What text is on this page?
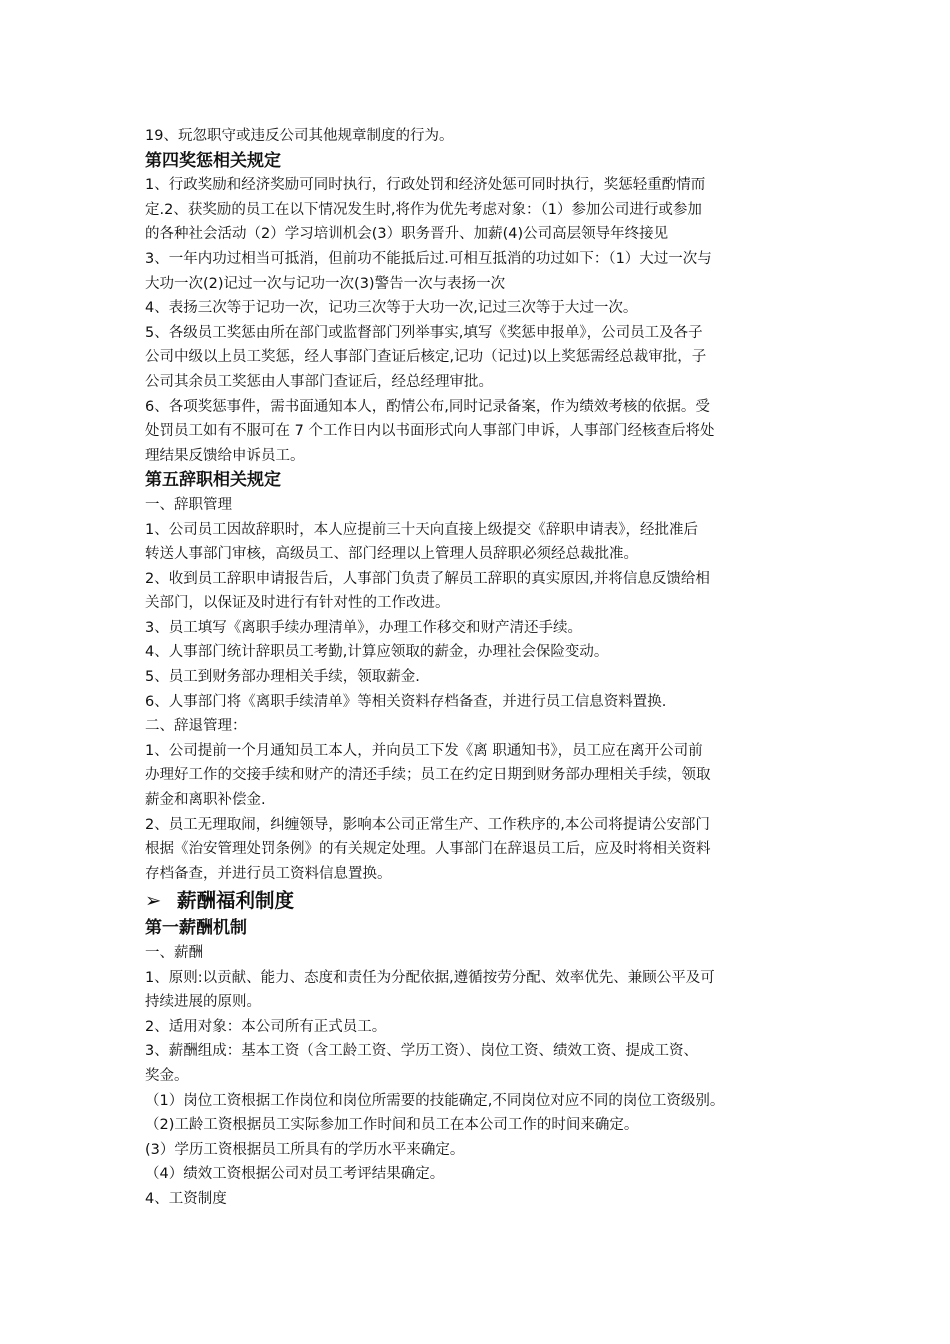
19、玩忽职守或违反公司其他规章制度的行为。
第四奖惩相关规定
1、行政奖励和经济奖励可同时执行，行政处罚和经济处惩可同时执行，奖惩轻重酌情而
定.2、获奖励的员工在以下情况发生时,将作为优先考虑对象：（1）参加公司进行或参加
的各种社会活动（2）学习培训机会(3）职务晋升、加薪(4)公司高层领导年终接见
3、一年内功过相当可抵消，但前功不能抵后过.可相互抵消的功过如下：（1）大过一次与
大功一次(2)记过一次与记功一次(3)警告一次与表扬一次
4、表扬三次等于记功一次，记功三次等于大功一次,记过三次等于大过一次。
5、各级员工奖惩由所在部门或监督部门列举事实,填写《奖惩申报单》，公司员工及各子
公司中级以上员工奖惩，经人事部门查证后核定,记功（记过)以上奖惩需经总裁审批，子
公司其余员工奖惩由人事部门查证后，经总经理审批。
6、各项奖惩事件，需书面通知本人，酌情公布,同时记录备案，作为绩效考核的依据。受
处罚员工如有不服可在 7 个工作日内以书面形式向人事部门申诉，人事部门经核查后将处
理结果反馈给申诉员工。
第五辞职相关规定
一、辞职管理
1、公司员工因故辞职时，本人应提前三十天向直接上级提交《辞职申请表》，经批准后
转送人事部门审核，高级员工、部门经理以上管理人员辞职必须经总裁批准。
2、收到员工辞职申请报告后，人事部门负责了解员工辞职的真实原因,并将信息反馈给相
关部门，以保证及时进行有针对性的工作改进。
3、员工填写《离职手续办理清单》，办理工作移交和财产清还手续。
4、人事部门统计辞职员工考勤,计算应领取的薪金，办理社会保险变动。
5、员工到财务部办理相关手续，领取薪金.
6、人事部门将《离职手续清单》等相关资料存档备查，并进行员工信息资料置换.
二、辞退管理：
1、公司提前一个月通知员工本人，并向员工下发《离 职通知书》，员工应在离开公司前
办理好工作的交接手续和财产的清还手续；员工在约定日期到财务部办理相关手续，领取
薪金和离职补偿金.
2、员工无理取闹，纠缠领导，影响本公司正常生产、工作秩序的,本公司将提请公安部门
根据《治安管理处罚条例》的有关规定处理。人事部门在辞退员工后，应及时将相关资料
存档备查，并进行员工资料信息置换。
➢ 薪酬福利制度
第一薪酬机制
一、薪酬
1、原则:以贡献、能力、态度和责任为分配依据,遵循按劳分配、效率优先、兼顾公平及可
持续进展的原则。
2、适用对象：本公司所有正式员工。
3、薪酬组成：基本工资（含工龄工资、学历工资）、岗位工资、绩效工资、提成工资、
奖金。
（1）岗位工资根据工作岗位和岗位所需要的技能确定,不同岗位对应不同的岗位工资级别。
（2)工龄工资根据员工实际参加工作时间和员工在本公司工作的时间来确定。
(3）学历工资根据员工所具有的学历水平来确定。
（4）绩效工资根据公司对员工考评结果确定。
4、工资制度
